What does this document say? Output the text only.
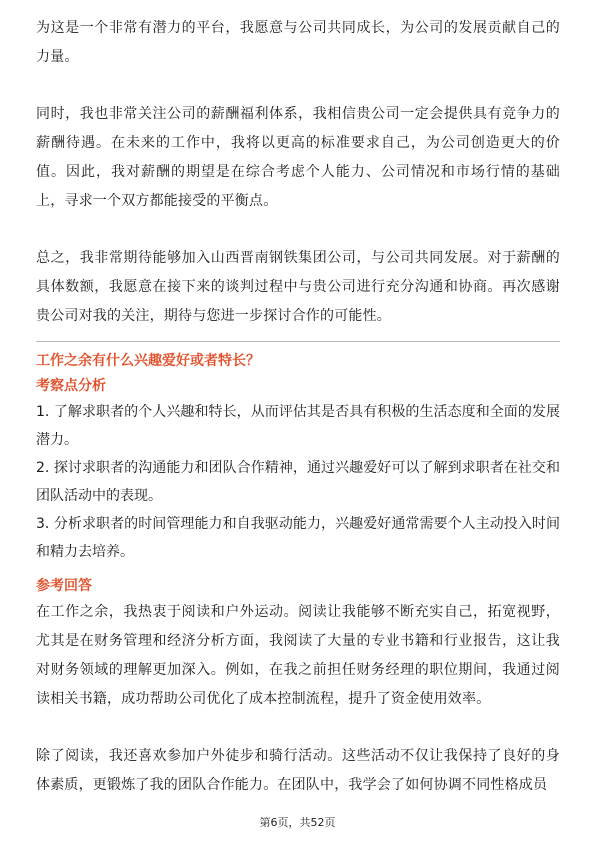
为这是一个非常有潜力的平台，我愿意与公司共同成长，为公司的发展贡献自己的力量。

同时，我也非常关注公司的薪酬福利体系，我相信贵公司一定会提供具有竞争力的薪酬待遇。在未来的工作中，我将以更高的标准要求自己，为公司创造更大的价值。因此，我对薪酬的期望是在综合考虑个人能力、公司情况和市场行情的基础上，寻求一个双方都能接受的平衡点。

总之，我非常期待能够加入山西晋南钢铁集团公司，与公司共同发展。对于薪酬的具体数额，我愿意在接下来的谈判过程中与贵公司进行充分沟通和协商。再次感谢贵公司对我的关注，期待与您进一步探讨合作的可能性。

工作之余有什么兴趣爱好或者特长？

考察点分析

1. 了解求职者的个人兴趣和特长，从而评估其是否具有积极的生活态度和全面的发展潜力。

2. 探讨求职者的沟通能力和团队合作精神，通过兴趣爱好可以了解到求职者在社交和团队活动中的表现。

3. 分析求职者的时间管理能力和自我驱动能力，兴趣爱好通常需要个人主动投入时间和精力去培养。

参考回答

在工作之余，我热衷于阅读和户外运动。阅读让我能够不断充实自己，拓宽视野，尤其是在财务管理和经济分析方面，我阅读了大量的专业书籍和行业报告，这让我对财务领域的理解更加深入。例如，在我之前担任财务经理的职位期间，我通过阅读相关书籍，成功帮助公司优化了成本控制流程，提升了资金使用效率。

除了阅读，我还喜欢参加户外徒步和骑行活动。这些活动不仅让我保持了良好的身体素质，更锻炼了我的团队合作能力。在团队中，我学会了如何协调不同性格成员

第6页，共52页
